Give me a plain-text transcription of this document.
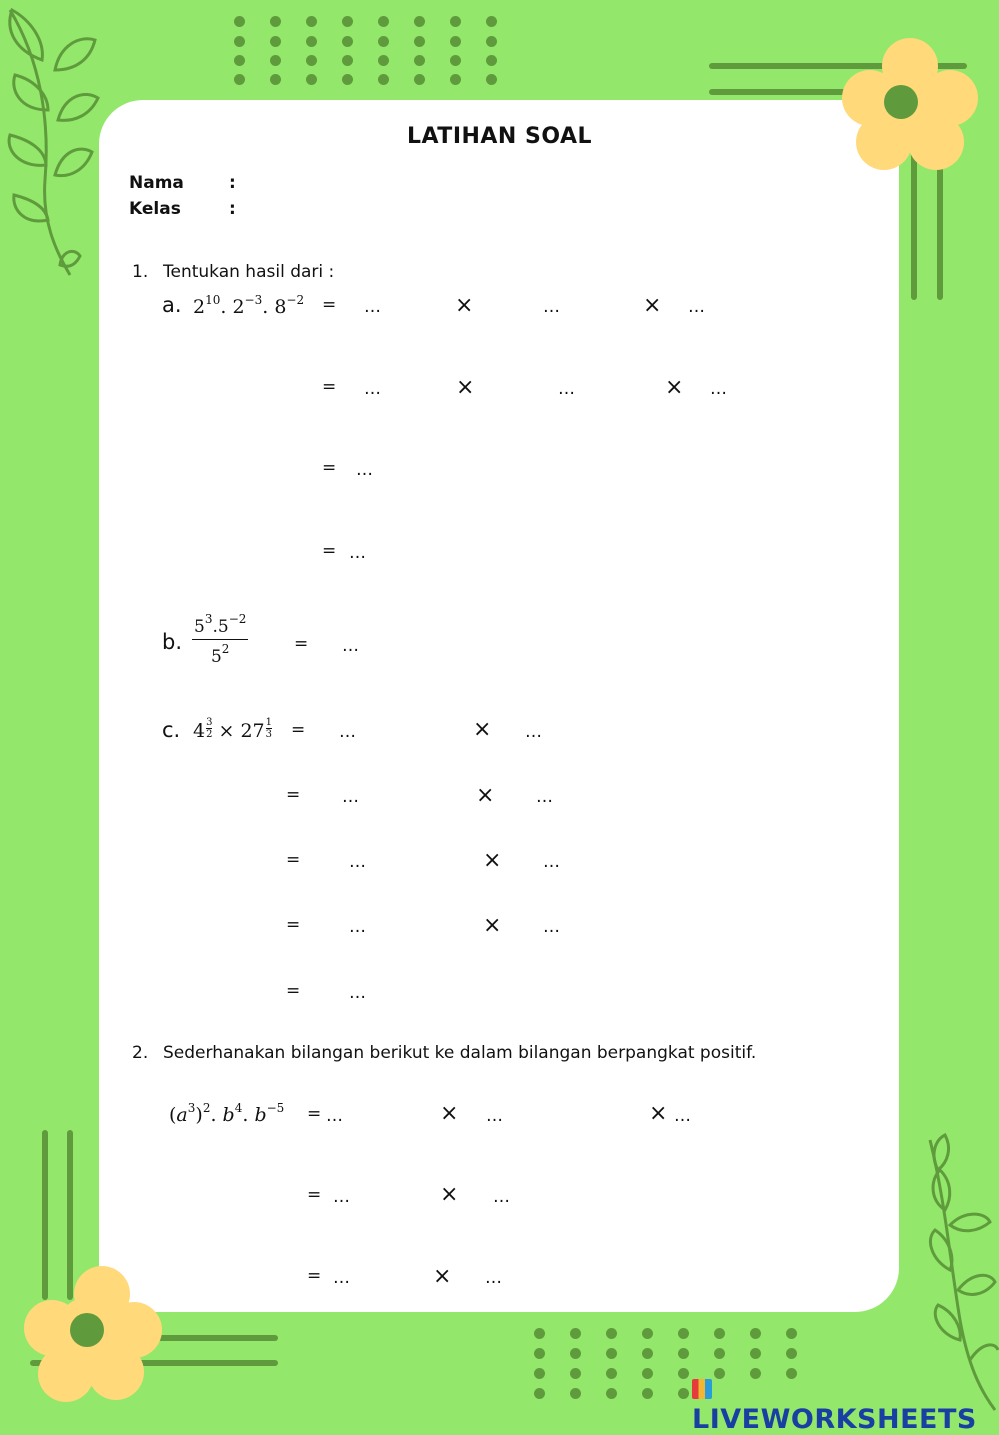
LATIHAN SOAL
Nama	:
Kelas	:
1. Tentukan hasil dari :
a. $2^{10}$. $2^{-3}$. $8^{-2}$ = …	×	…	× …
= …	×	…	× …
= …
= …
b. $\frac{5^3.5^{-2}}{5^2}$	= …
c. $4 \frac{3}{2} \times 27 \frac{1}{3}$ = …	× …
= …	× …
=	…	× …
=	…	× …
=	…
2. Sederhanakan bilangan berikut ke dalam bilangan berpangkat positif.
$(a^3)^2$. $b^4$. $b^{-5}$ = …	× …	× …
= …	× …
= …	× …
LIVEWORKSHEETS
